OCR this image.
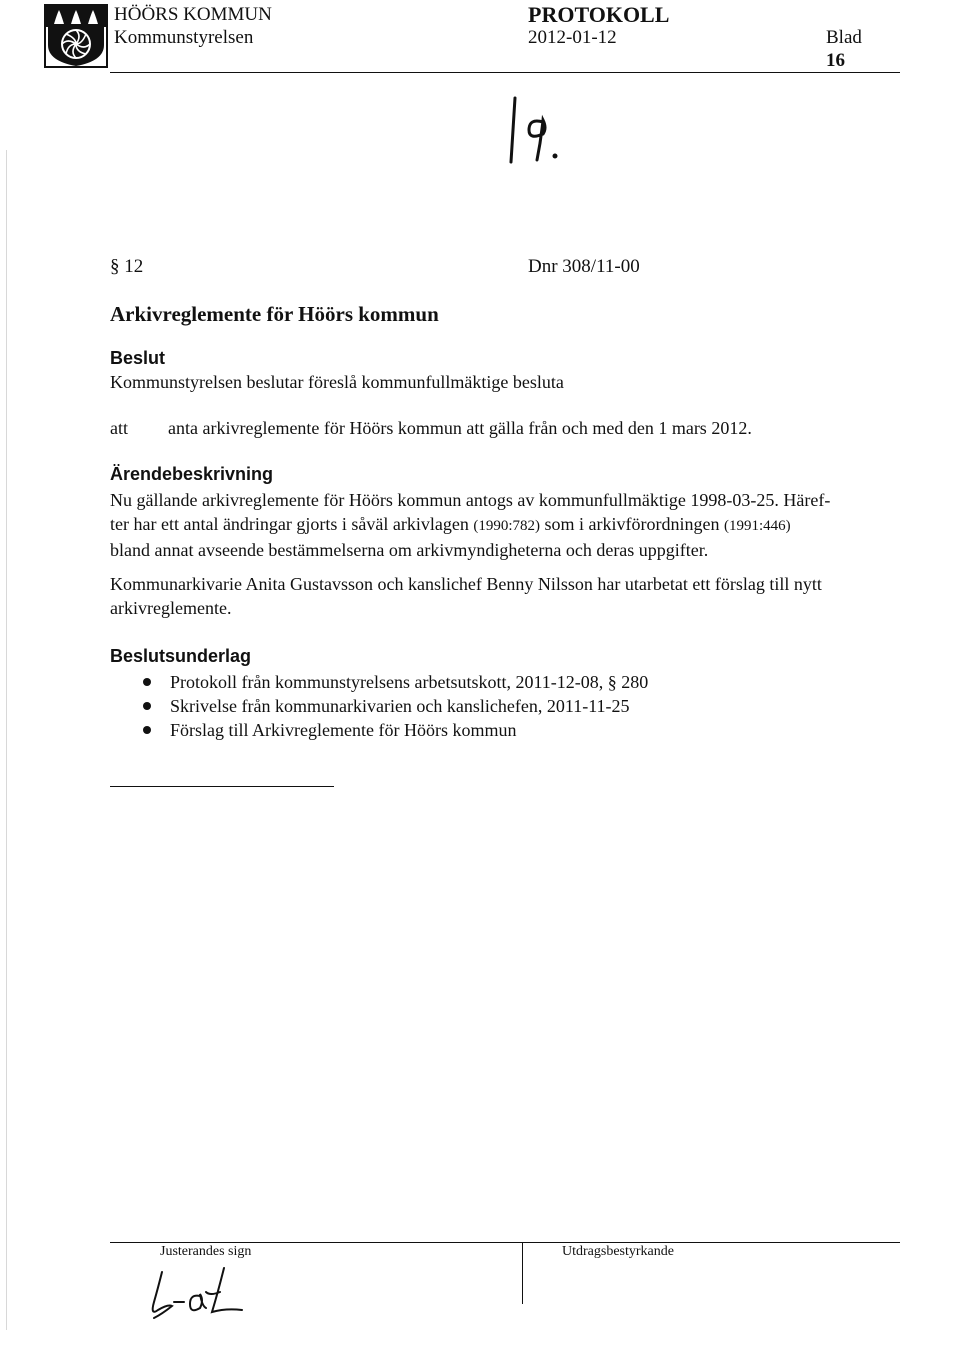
HÖÖRS KOMMUN
Kommunstyrelsen
PROTOKOLL
2012-01-12	Blad
16
§ 12	Dnr 308/11-00
Arkivreglemente för Höörs kommun
Beslut
Kommunstyrelsen beslutar föreslå kommunfullmäktige besluta
att anta arkivreglemente för Höörs kommun att gälla från och med den 1 mars 2012.
Ärendebeskrivning

Nu gällande arkivreglemente för Höörs kommun antogs av kommunfullmäktige 1998-03-25. Häref-

ter har ett antal ändringar gjorts i såväl arkivlagen (1990:782) som i arkivförordningen (1991:446)

bland annat avseende bestämmelserna om arkivmyndigheterna och deras uppgifter.

Kommunarkivarie Anita Gustavsson och kanslichef Benny Nilsson har utarbetat ett förslag till nytt arkivreglemente.

Beslutsunderlag
Protokoll från kommunstyrelsens arbetsutskott, 2011-12-08, § 280
Skrivelse från kommunarkivarien och kanslichefen, 2011-11-25
Förslag till Arkivreglemente för Höörs kommun
Justerandes sign	Utdragsbestyrkande
